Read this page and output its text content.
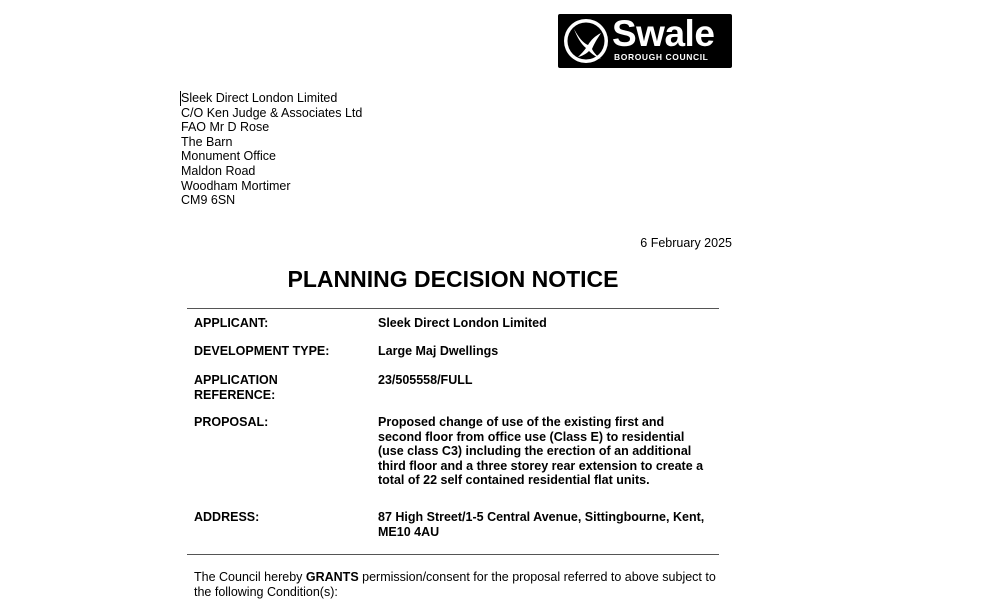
Swale
BOROUGH COUNCIL
Sleek Direct London Limited
C/O Ken Judge & Associates Ltd
FAO Mr D Rose
The Barn
Monument Office
Maldon Road
Woodham Mortimer
CM9 6SN
6 February 2025
PLANNING DECISION NOTICE
APPLICANT:	Sleek Direct London Limited
DEVELOPMENT TYPE:	Large Maj Dwellings
APPLICATION
REFERENCE:
23/505558/FULL
PROPOSAL:	Proposed change of use of the existing first and
second floor from office use (Class E) to residential
(use class C3) including the erection of an additional
third floor and a three storey rear extension to create a
total of 22 self contained residential flat units.
ADDRESS:	87 High Street/1-5 Central Avenue, Sittingbourne, Kent,
ME10 4AU
The Council hereby GRANTS permission/consent for the proposal referred to above subject to
the following Condition(s):
